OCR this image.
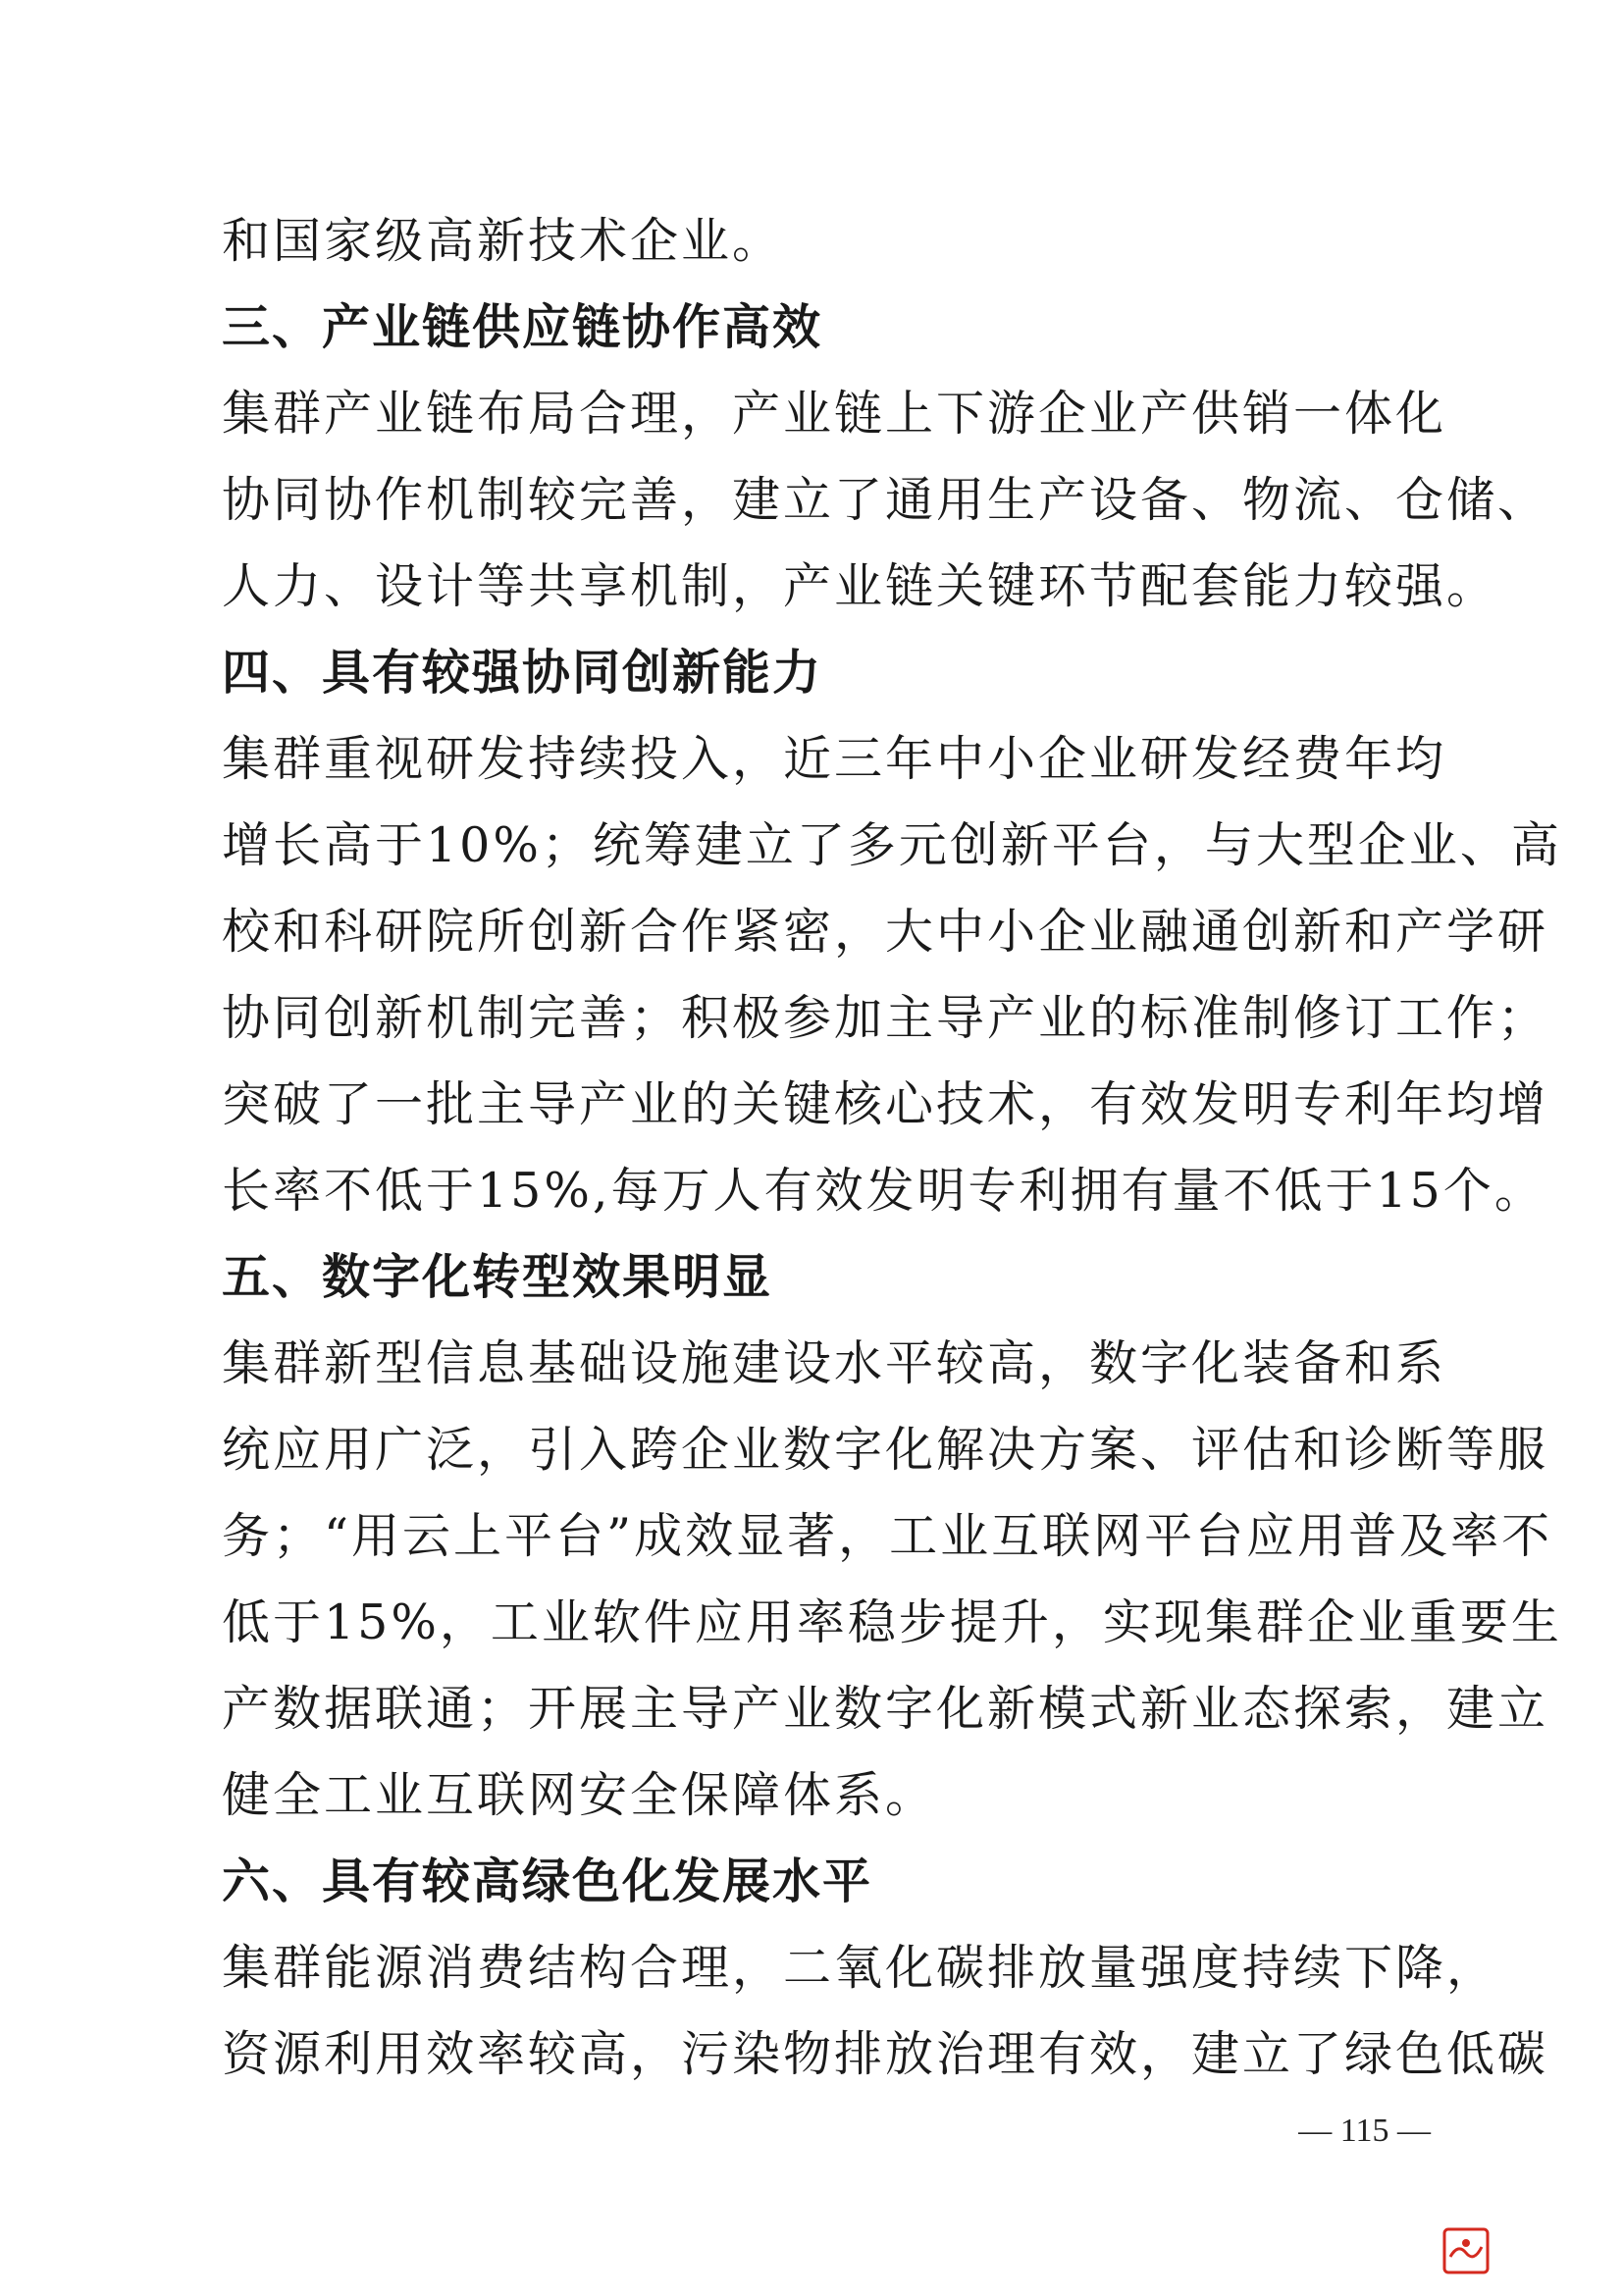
和国家级高新技术企业。
三、产业链供应链协作高效
集群产业链布局合理，产业链上下游企业产供销一体化
协同协作机制较完善，建立了通用生产设备、物流、仓储、
人力、设计等共享机制，产业链关键环节配套能力较强。
四、具有较强协同创新能力
集群重视研发持续投入，近三年中小企业研发经费年均
增长高于10%；统筹建立了多元创新平台，与大型企业、高
校和科研院所创新合作紧密，大中小企业融通创新和产学研
协同创新机制完善；积极参加主导产业的标准制修订工作；
突破了一批主导产业的关键核心技术，有效发明专利年均增
长率不低于15%,每万人有效发明专利拥有量不低于15个。
五、数字化转型效果明显
集群新型信息基础设施建设水平较高，数字化装备和系
统应用广泛，引入跨企业数字化解决方案、评估和诊断等服
务；“用云上平台”成效显著，工业互联网平台应用普及率不
低于15%，工业软件应用率稳步提升，实现集群企业重要生
产数据联通；开展主导产业数字化新模式新业态探索，建立
健全工业互联网安全保障体系。
六、具有较高绿色化发展水平
集群能源消费结构合理，二氧化碳排放量强度持续下降，
资源利用效率较高，污染物排放治理有效，建立了绿色低碳
— 115 —
